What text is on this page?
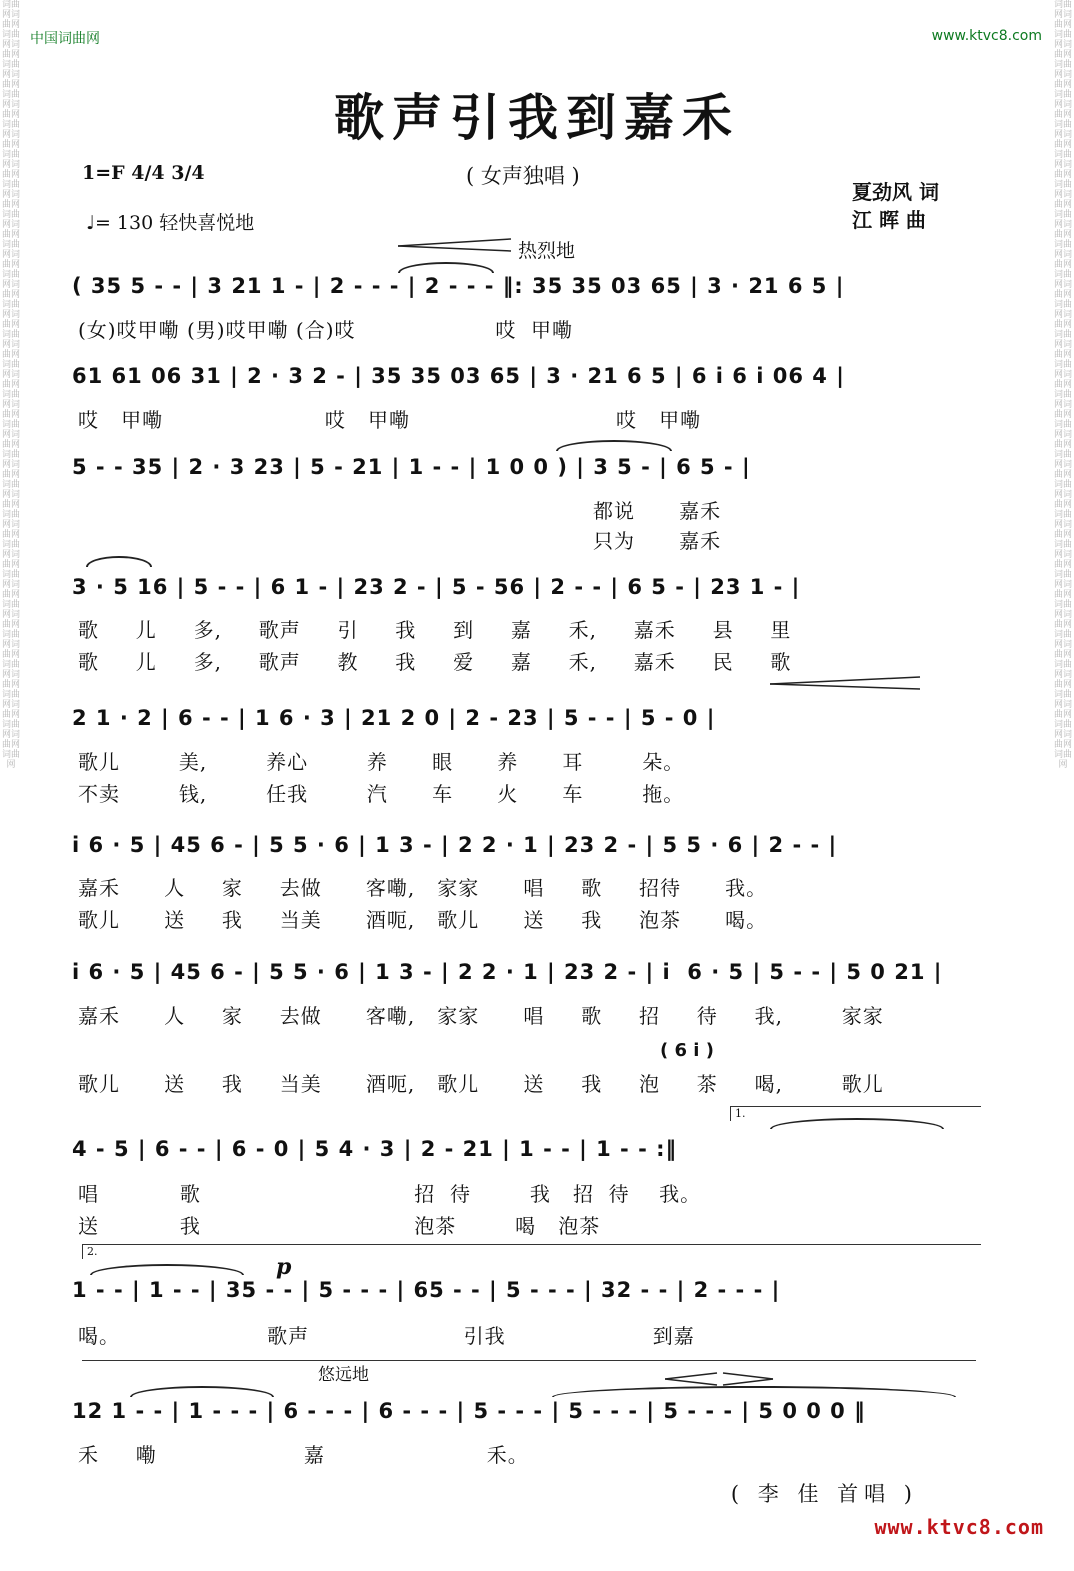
词曲网词曲网词曲网词曲网词曲网词曲网词曲网词曲网词曲网词曲网词曲网词曲网词曲网词曲网词曲网词曲网词曲网词曲网词曲网词曲网词曲网词曲网词曲网词曲网词曲网词曲网词曲网词曲网词曲网词曲网词曲网词曲网词曲网词曲网词曲网词曲网词曲网词曲网词曲网词曲网词曲网词曲网词曲网词曲网词曲网词曲网词曲网词曲网词曲网词曲网词曲网
词曲网词曲网词曲网词曲网词曲网词曲网词曲网词曲网词曲网词曲网词曲网词曲网词曲网词曲网词曲网词曲网词曲网词曲网词曲网词曲网词曲网词曲网词曲网词曲网词曲网词曲网词曲网词曲网词曲网词曲网词曲网词曲网词曲网词曲网词曲网词曲网词曲网词曲网词曲网词曲网词曲网词曲网词曲网词曲网词曲网词曲网词曲网词曲网词曲网词曲网词曲网
中国词曲网	www.ktvc8.com
歌声引我到嘉禾
1=F 4/4 3/4	( 女声独唱 )
夏劲风 词
江 晖 曲
♩= 130 轻快喜悦地
热烈地
( 35 5 - - | 3 21 1 - | 2 - - - | 2 - - - ‖: 35 35 03 65 | 3 · 21 6 5 |
(女)哎甲嘞 (男)哎甲嘞 (合)哎                   哎  甲嘞
61 61 06 31 | 2 · 3 2 - | 35 35 03 65 | 3 · 21 6 5 | 6 i 6 i 06 4 |
哎   甲嘞                      哎   甲嘞                            哎   甲嘞
5 - - 35 | 2 · 3 23 | 5 - 21 | 1 - - | 1 0 0 ) | 3 5 - | 6 5 - |
都说      嘉禾
只为      嘉禾
3 · 5 16 | 5 - - | 6 1 - | 23 2 - | 5 - 56 | 2 - - | 6 5 - | 23 1 - |
歌     儿     多,     歌声     引     我     到     嘉     禾,     嘉禾     县     里
歌     儿     多,     歌声     教     我     爱     嘉     禾,     嘉禾     民     歌
2 1 · 2 | 6 - - | 1 6 · 3 | 21 2 0 | 2 - 23 | 5 - - | 5 - 0 |
歌儿        美,        养心        养      眼      养      耳        朵。
不卖        钱,        任我        汽      车      火      车        拖。
i 6 · 5 | 45 6 - | 5 5 · 6 | 1 3 - | 2 2 · 1 | 23 2 - | 5 5 · 6 | 2 - - |
嘉禾      人     家     去做      客嘞,   家家      唱     歌     招待      我。
歌儿      送     我     当美      酒呃,   歌儿      送     我     泡茶      喝。
i 6 · 5 | 45 6 - | 5 5 · 6 | 1 3 - | 2 2 · 1 | 23 2 - | i  6 · 5 | 5 - - | 5 0 21 |
嘉禾      人     家     去做      客嘞,   家家      唱     歌     招     待     我,        家家
( 6 i )
歌儿      送     我     当美      酒呃,   歌儿      送     我     泡     茶     喝,        歌儿
1.
4 - 5 | 6 - - | 6 - 0 | 5 4 · 3 | 2 - 21 | 1 - - | 1 - - :‖
唱           歌                             招  待        我   招  待    我。
送           我                             泡茶        喝   泡茶
2.
p
1 - - | 1 - - | 35 - - | 5 - - - | 65 - - | 5 - - - | 32 - - | 2 - - - |
喝。                    歌声                     引我                    到嘉
悠远地
12 1 - - | 1 - - - | 6 - - - | 6 - - - | 5 - - - | 5 - - - | 5 - - - | 5 0 0 0 ‖
禾     嘞                    嘉                      禾。
( 李 佳 首唱 )
www.ktvc8.com
